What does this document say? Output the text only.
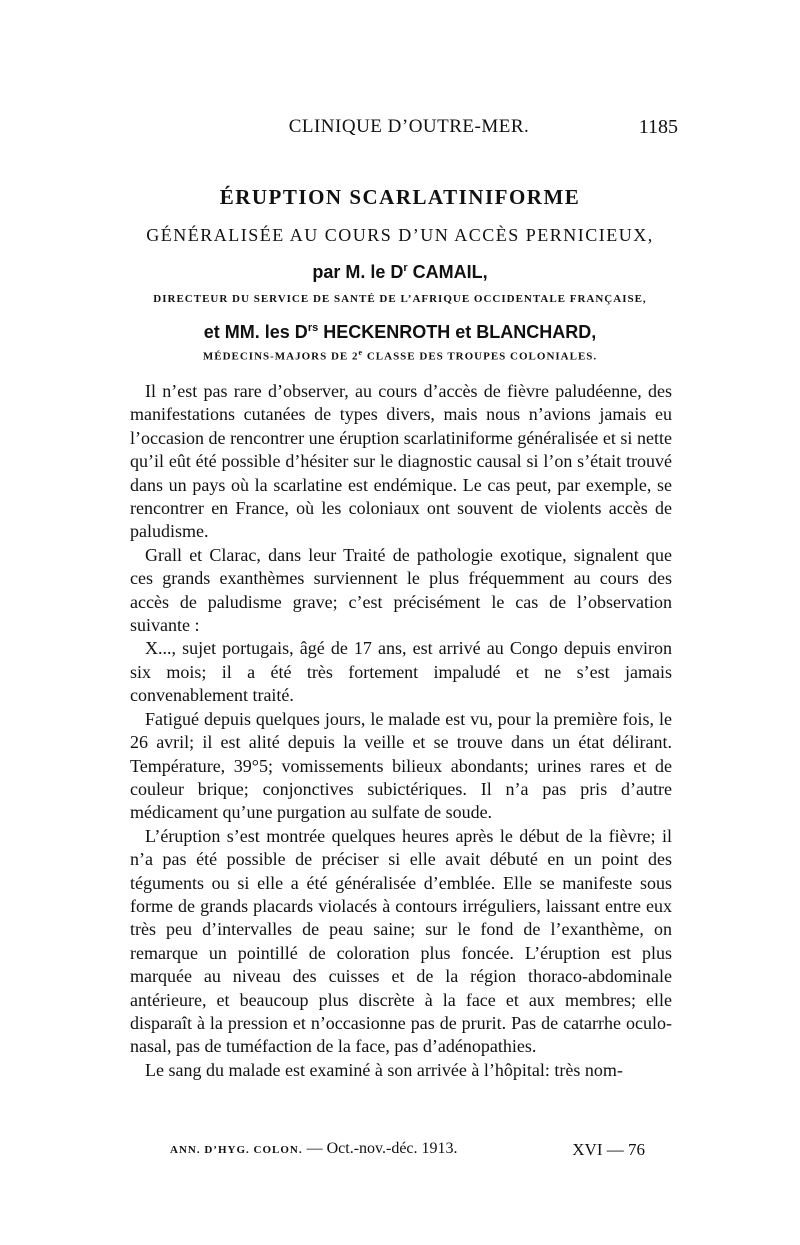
CLINIQUE D’OUTRE-MER.	1185
ÉRUPTION SCARLATINIFORME
GÉNÉRALISÉE AU COURS D’UN ACCÈS PERNICIEUX,
par M. le $D^r$ CAMAIL,
DIRECTEUR DU SERVICE DE SANTÉ DE L’AFRIQUE OCCIDENTALE FRANÇAISE,
et MM. les $D^{rs}$ HECKENROTH et BLANCHARD,
MÉDECINS-MAJORS DE 2e CLASSE DES TROUPES COLONIALES.

Il n’est pas rare d’observer, au cours d’accès de fièvre paludéenne, des manifestations cutanées de types divers, mais nous n’avions jamais eu l’occasion de rencontrer une éruption scarlatiniforme généralisée et si nette qu’il eût été possible d’hésiter sur le diagnostic causal si l’on s’était trouvé dans un pays où la scarlatine est endémique. Le cas peut, par exemple, se rencontrer en France, où les coloniaux ont souvent de violents accès de paludisme.

Grall et Clarac, dans leur Traité de pathologie exotique, signalent que ces grands exanthèmes surviennent le plus fréquemment au cours des accès de paludisme grave; c’est précisément le cas de l’observation suivante :

X..., sujet portugais, âgé de 17 ans, est arrivé au Congo depuis environ six mois; il a été très fortement impaludé et ne s’est jamais convenablement traité.

Fatigué depuis quelques jours, le malade est vu, pour la première fois, le 26 avril; il est alité depuis la veille et se trouve dans un état délirant. Température, 39°5; vomissements bilieux abondants; urines rares et de couleur brique; conjonctives subictériques. Il n’a pas pris d’autre médicament qu’une purgation au sulfate de soude.

L’éruption s’est montrée quelques heures après le début de la fièvre; il n’a pas été possible de préciser si elle avait débuté en un point des téguments ou si elle a été généralisée d’emblée. Elle se manifeste sous forme de grands placards violacés à contours irréguliers, laissant entre eux très peu d’intervalles de peau saine; sur le fond de l’exanthème, on remarque un pointillé de coloration plus foncée. L’éruption est plus marquée au niveau des cuisses et de la région thoraco-abdominale antérieure, et beaucoup plus discrète à la face et aux membres; elle disparaît à la pression et n’occasionne pas de prurit. Pas de catarrhe oculo-nasal, pas de tuméfaction de la face, pas d’adénopathies.

Le sang du malade est examiné à son arrivée à l’hôpital: très nom-

ANN. D’HYG. COLON. — Oct.-nov.-déc. 1913.	XVI — 76
